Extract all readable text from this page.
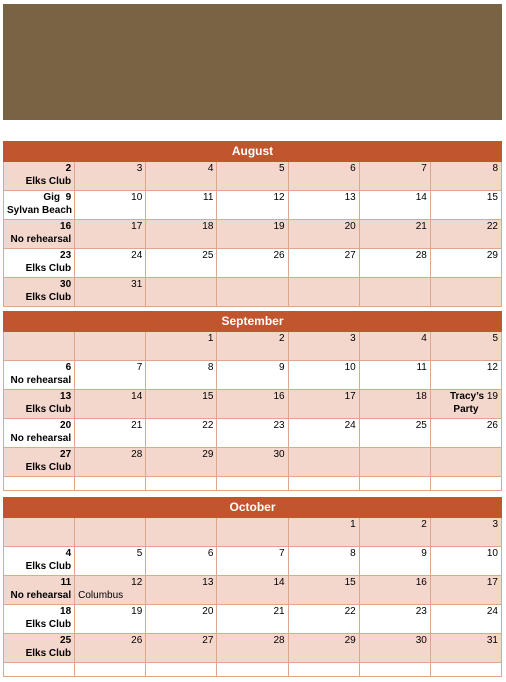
August						
2
Elks Club	3	4	5	6	7	8
Gig 9
Sylvan Beach	10	11	12	13	14	15
16
No rehearsal	17	18	19	20	21	22
23
Elks Club	24	25	26	27	28	29
30
Elks Club	31					
September						
		1	2	3	4	5
6
No rehearsal	7	8	9	10	11	12
13
Elks Club	14	15	16	17	18	Tracy’s 19
Party

20
No rehearsal	21	22	23	24	25	26
27
Elks Club	28	29	30			

October						
				1	2	3
4
Elks Club	5	6	7	8	9	10
11
No rehearsal	12
Columbus	13	14	15	16	17
18
Elks Club	19	20	21	22	23	24
25
Elks Club	26	27	28	29	30	31
